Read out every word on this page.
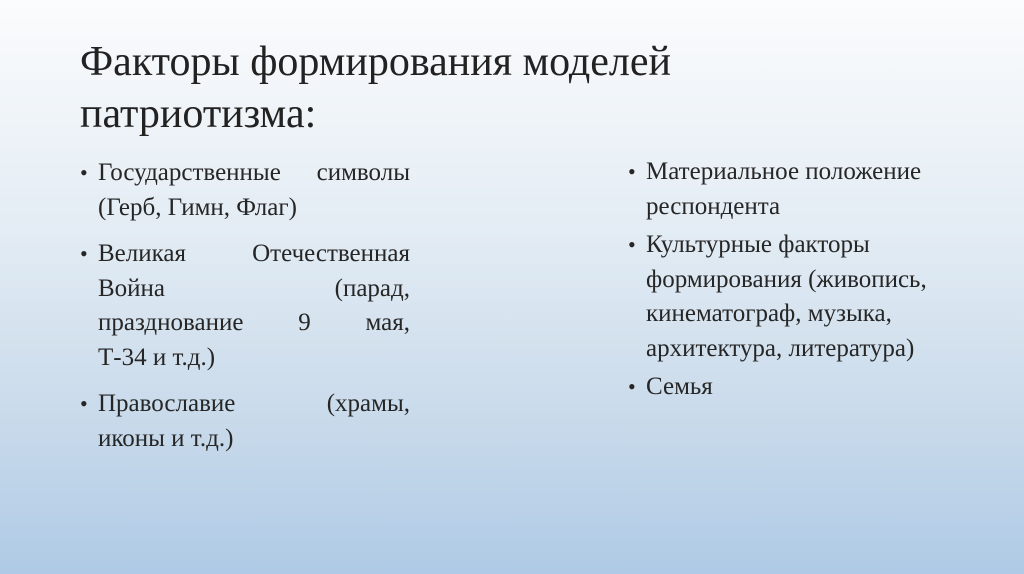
Факторы формирования моделей
патриотизма:
• Государственные символы (Герб, Гимн, Флаг)
• Великая Отечественная
Война (парад,
празднование 9 мая,
Т-34 и т.д.)
• Православие (храмы,
иконы и т.д.)
• Материальное положение респондента
• Культурные факторы формирования (живопись, кинематограф, музыка, архитектура, литература)
• Семья
